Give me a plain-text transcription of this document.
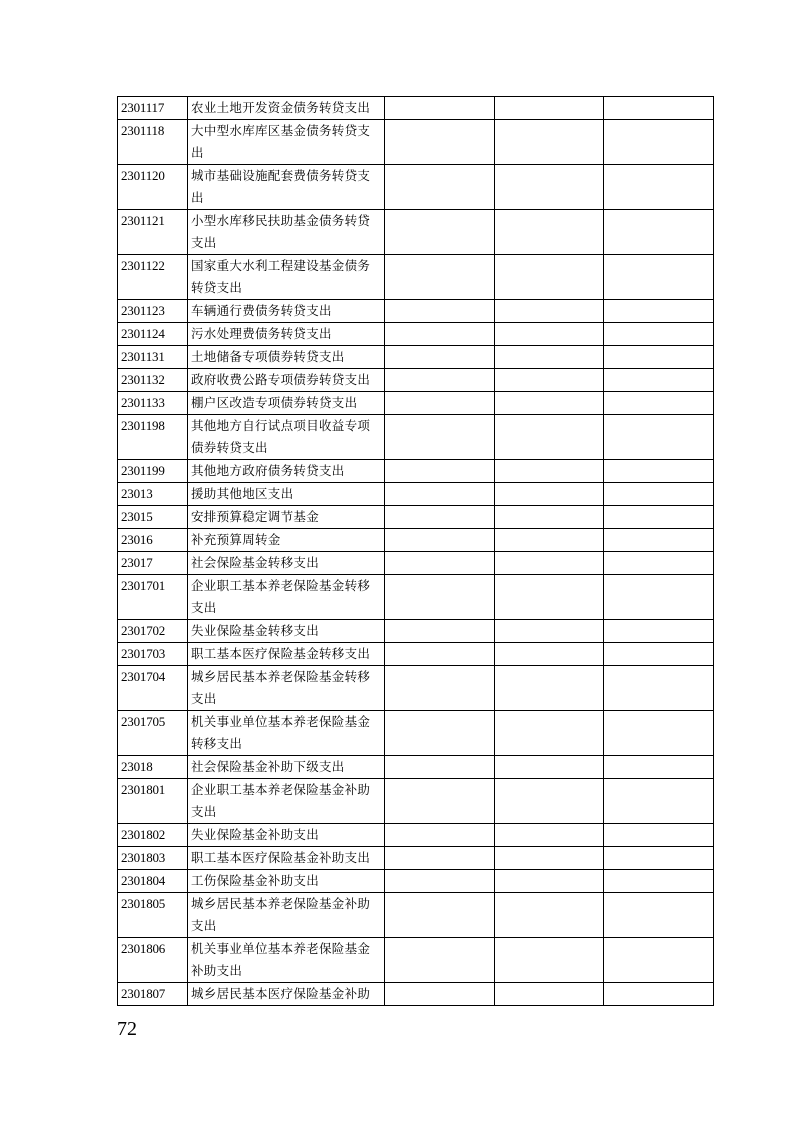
2301117	农业土地开发资金债务转贷支出			
2301118	大中型水库库区基金债务转贷支出			
2301120	城市基础设施配套费债务转贷支出			
2301121	小型水库移民扶助基金债务转贷支出			
2301122	国家重大水利工程建设基金债务转贷支出			
2301123	车辆通行费债务转贷支出			
2301124	污水处理费债务转贷支出			
2301131	土地储备专项债券转贷支出			
2301132	政府收费公路专项债券转贷支出			
2301133	棚户区改造专项债券转贷支出			
2301198	其他地方自行试点项目收益专项债券转贷支出			
2301199	其他地方政府债务转贷支出			
23013	援助其他地区支出			
23015	安排预算稳定调节基金			
23016	补充预算周转金			
23017	社会保险基金转移支出			
2301701	企业职工基本养老保险基金转移支出			
2301702	失业保险基金转移支出			
2301703	职工基本医疗保险基金转移支出			
2301704	城乡居民基本养老保险基金转移支出			
2301705	机关事业单位基本养老保险基金转移支出			
23018	社会保险基金补助下级支出			
2301801	企业职工基本养老保险基金补助支出			
2301802	失业保险基金补助支出			
2301803	职工基本医疗保险基金补助支出			
2301804	工伤保险基金补助支出			
2301805	城乡居民基本养老保险基金补助支出			
2301806	机关事业单位基本养老保险基金补助支出			
2301807	城乡居民基本医疗保险基金补助			
72
